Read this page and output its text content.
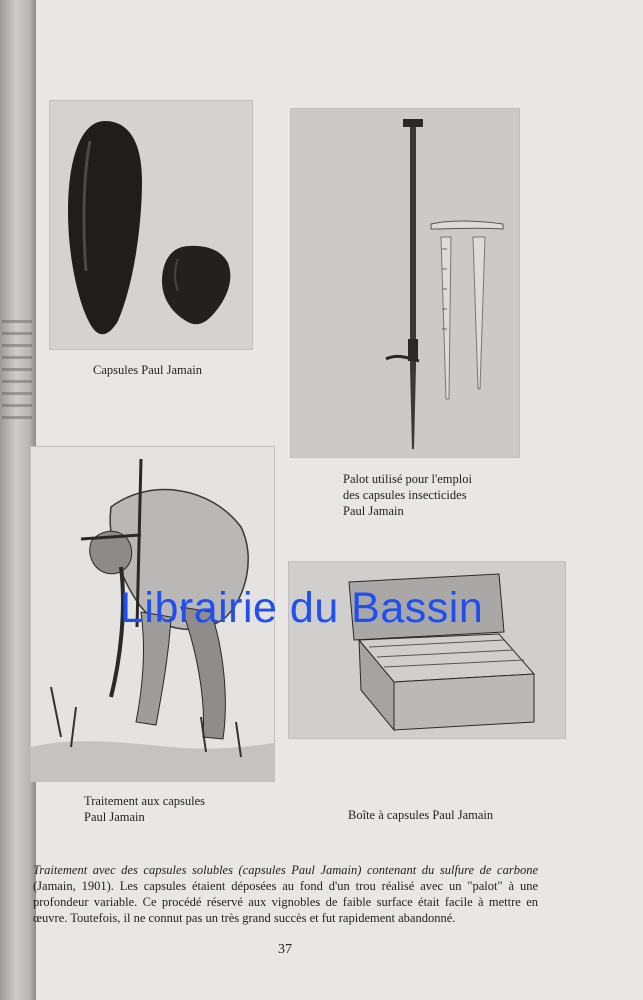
Capsules Paul Jamain
Palot utilisé pour l'emploi
des capsules insecticides
Paul Jamain
Traitement aux capsules
Paul Jamain	Boîte à capsules Paul Jamain
Librairie du Bassin
Traitement avec des capsules solubles (capsules Paul Jamain) contenant du sulfure de carbone (Jamain, 1901). Les capsules étaient déposées au fond d'un trou réalisé avec un "palot" à une profondeur variable. Ce procédé réservé aux vignobles de faible surface était facile à mettre en œuvre. Toutefois, il ne connut pas un très grand succès et fut rapidement abandonné.
37
